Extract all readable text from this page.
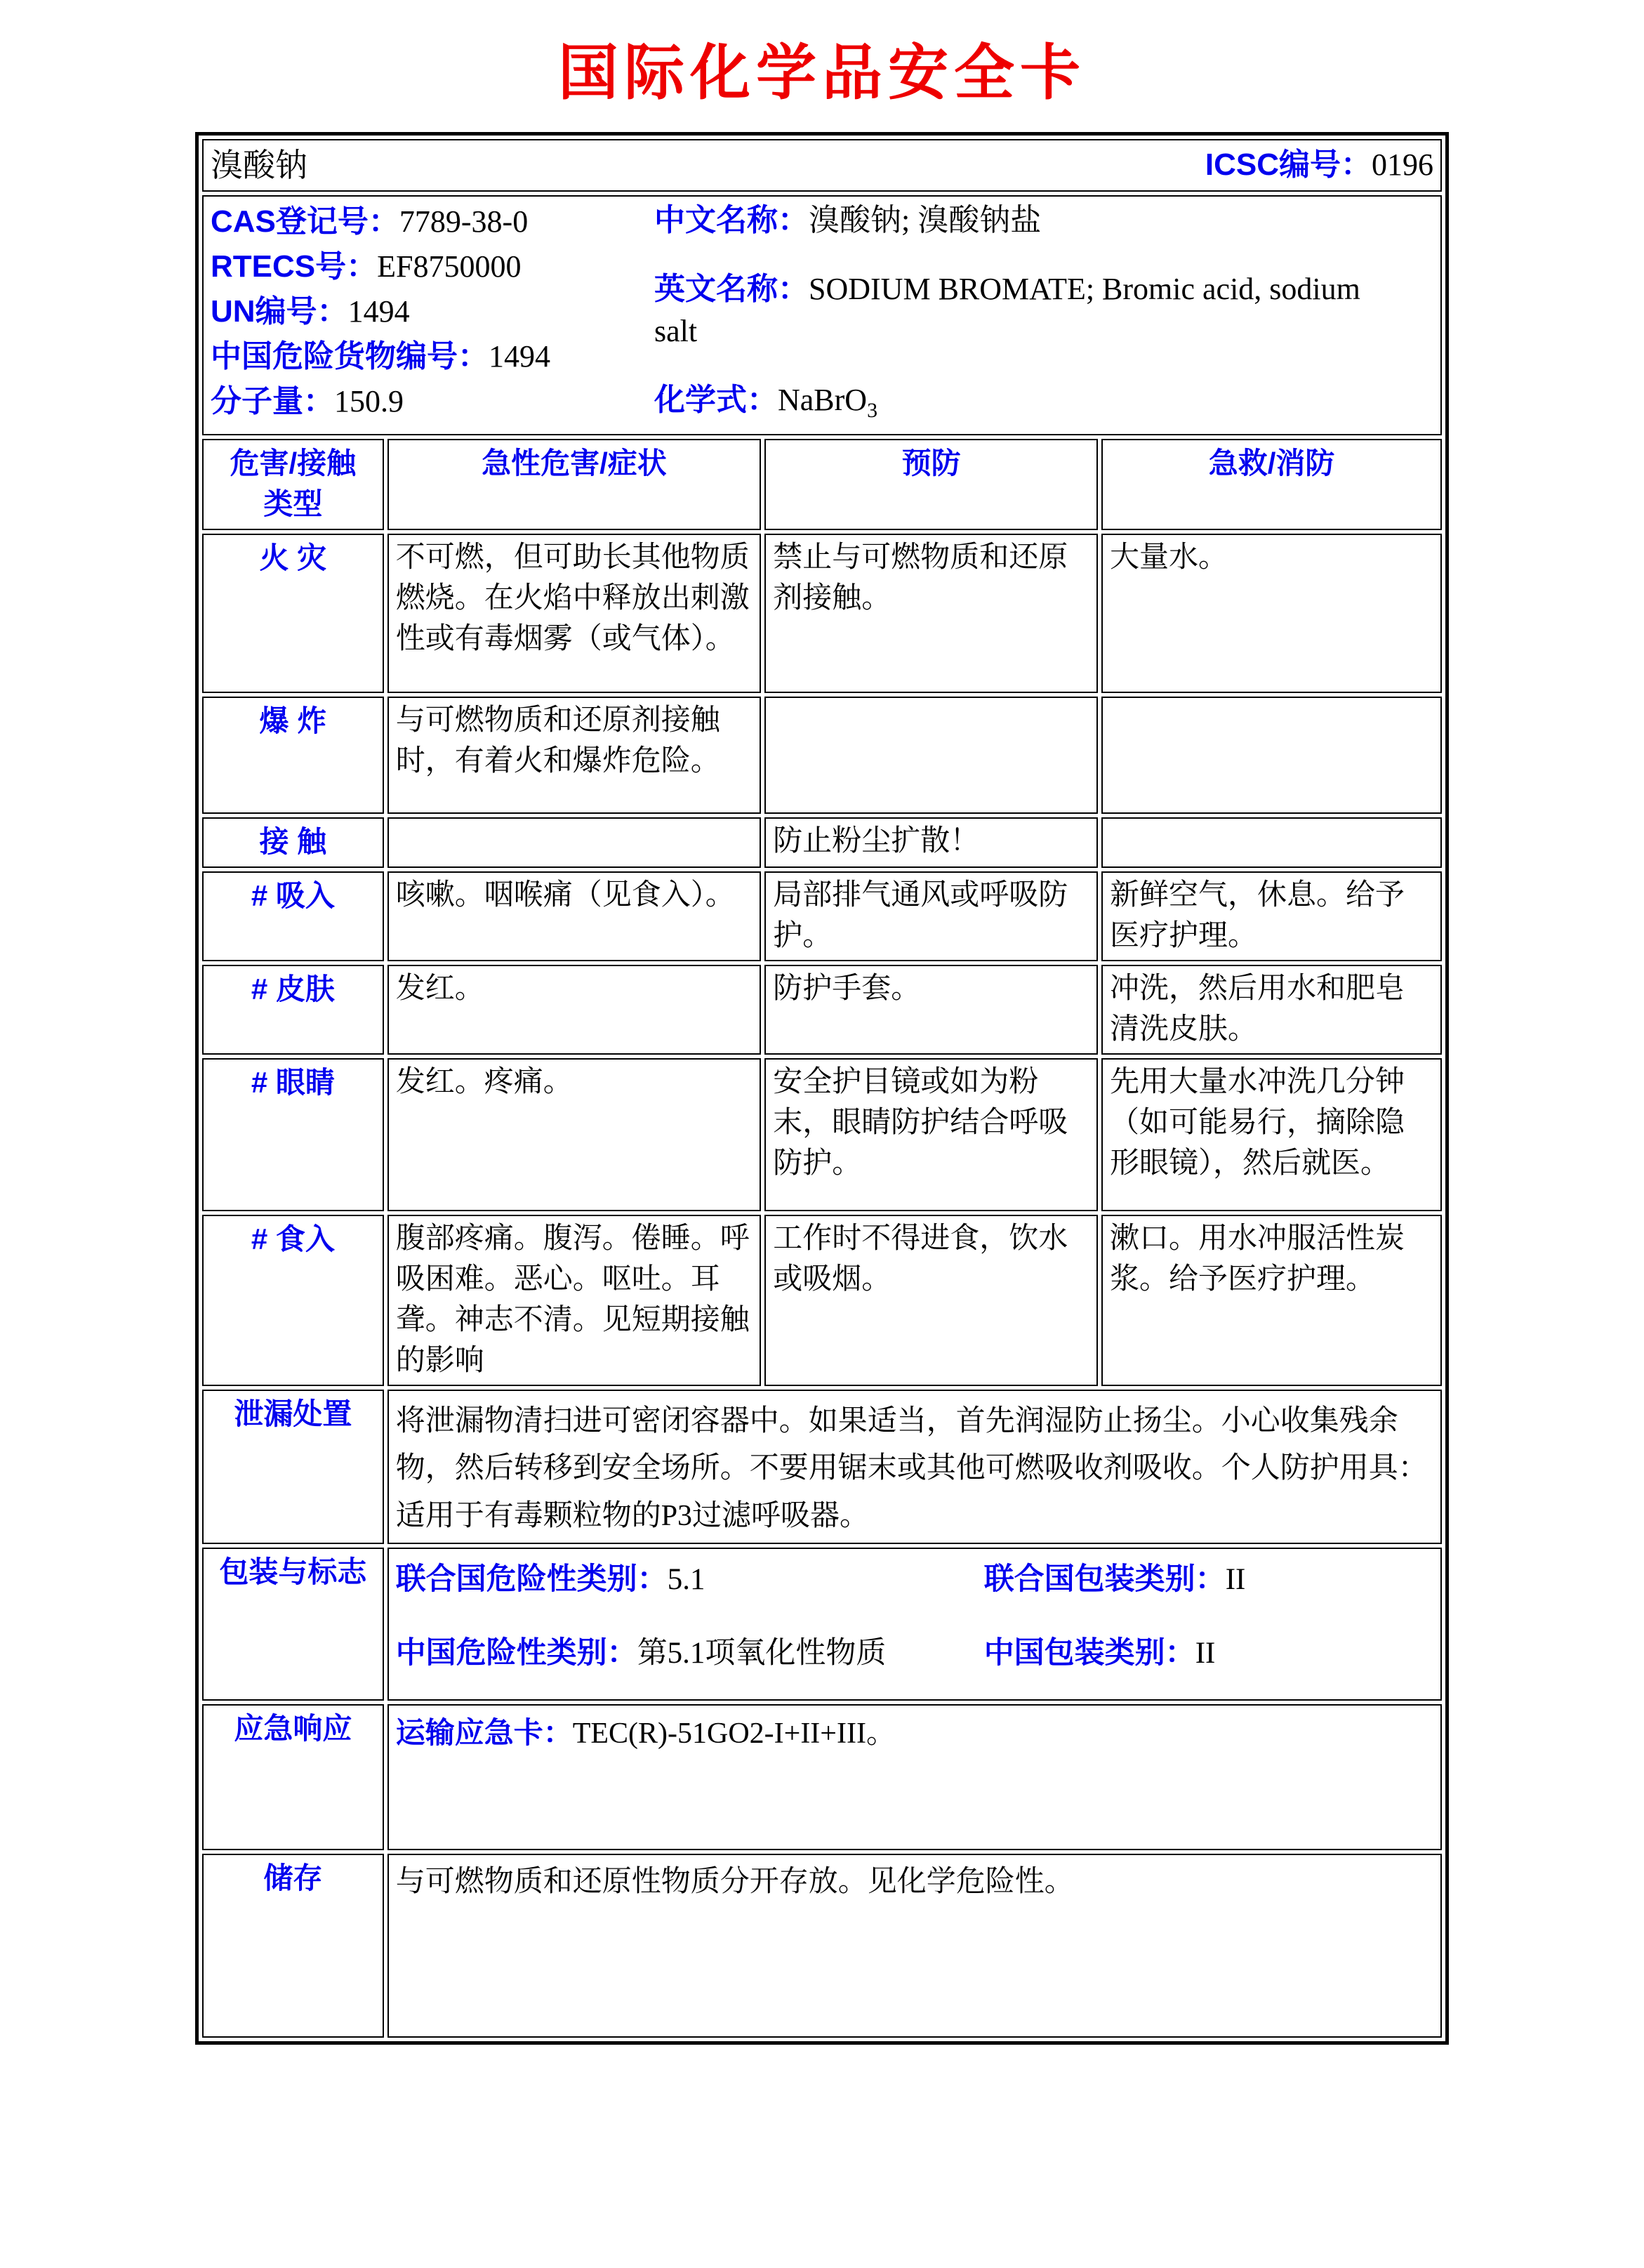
国际化学品安全卡
溴酸钠 ICSC编号：0196			

CAS登记号：7789-38-0
RTECS号：EF8750000
UN编号：1494
中国危险货物编号：1494
分子量：150.9
中文名称：溴酸钠; 溴酸钠盐
英文名称：SODIUM BROMATE; Bromic acid, sodium salt
化学式：NaBrO$_3$

危害/接触
类型	急性危害/症状	预防	急救/消防
火 灾	不可燃，但可助长其他物质燃烧。在火焰中释放出刺激性或有毒烟雾（或气体）。	禁止与可燃物质和还原剂接触。	大量水。
爆 炸	与可燃物质和还原剂接触时，有着火和爆炸危险。		
接 触		防止粉尘扩散！	
# 吸入	咳嗽。咽喉痛（见食入）。	局部排气通风或呼吸防护。	新鲜空气，休息。给予医疗护理。
# 皮肤	发红。	防护手套。	冲洗，然后用水和肥皂清洗皮肤。
# 眼睛	发红。疼痛。	安全护目镜或如为粉末，眼睛防护结合呼吸防护。	先用大量水冲洗几分钟（如可能易行，摘除隐形眼镜），然后就医。
# 食入	腹部疼痛。腹泻。倦睡。呼吸困难。恶心。呕吐。耳聋。神志不清。见短期接触的影响	工作时不得进食，饮水或吸烟。	漱口。用水冲服活性炭浆。给予医疗护理。
泄漏处置	将泄漏物清扫进可密闭容器中。如果适当，首先润湿防止扬尘。小心收集残余物，然后转移到安全场所。不要用锯末或其他可燃吸收剂吸收。个人防护用具：适用于有毒颗粒物的P3过滤呼吸器。		

包装与标志	联合国危险性类别：5.1 联合国包装类别：II
中国危险性类别：第5.1项氧化性物质 中国包装类别：II		

应急响应	运输应急卡：TEC(R)-51GO2-I+II+III。		

储存	与可燃物质和还原性物质分开存放。见化学危险性。		
